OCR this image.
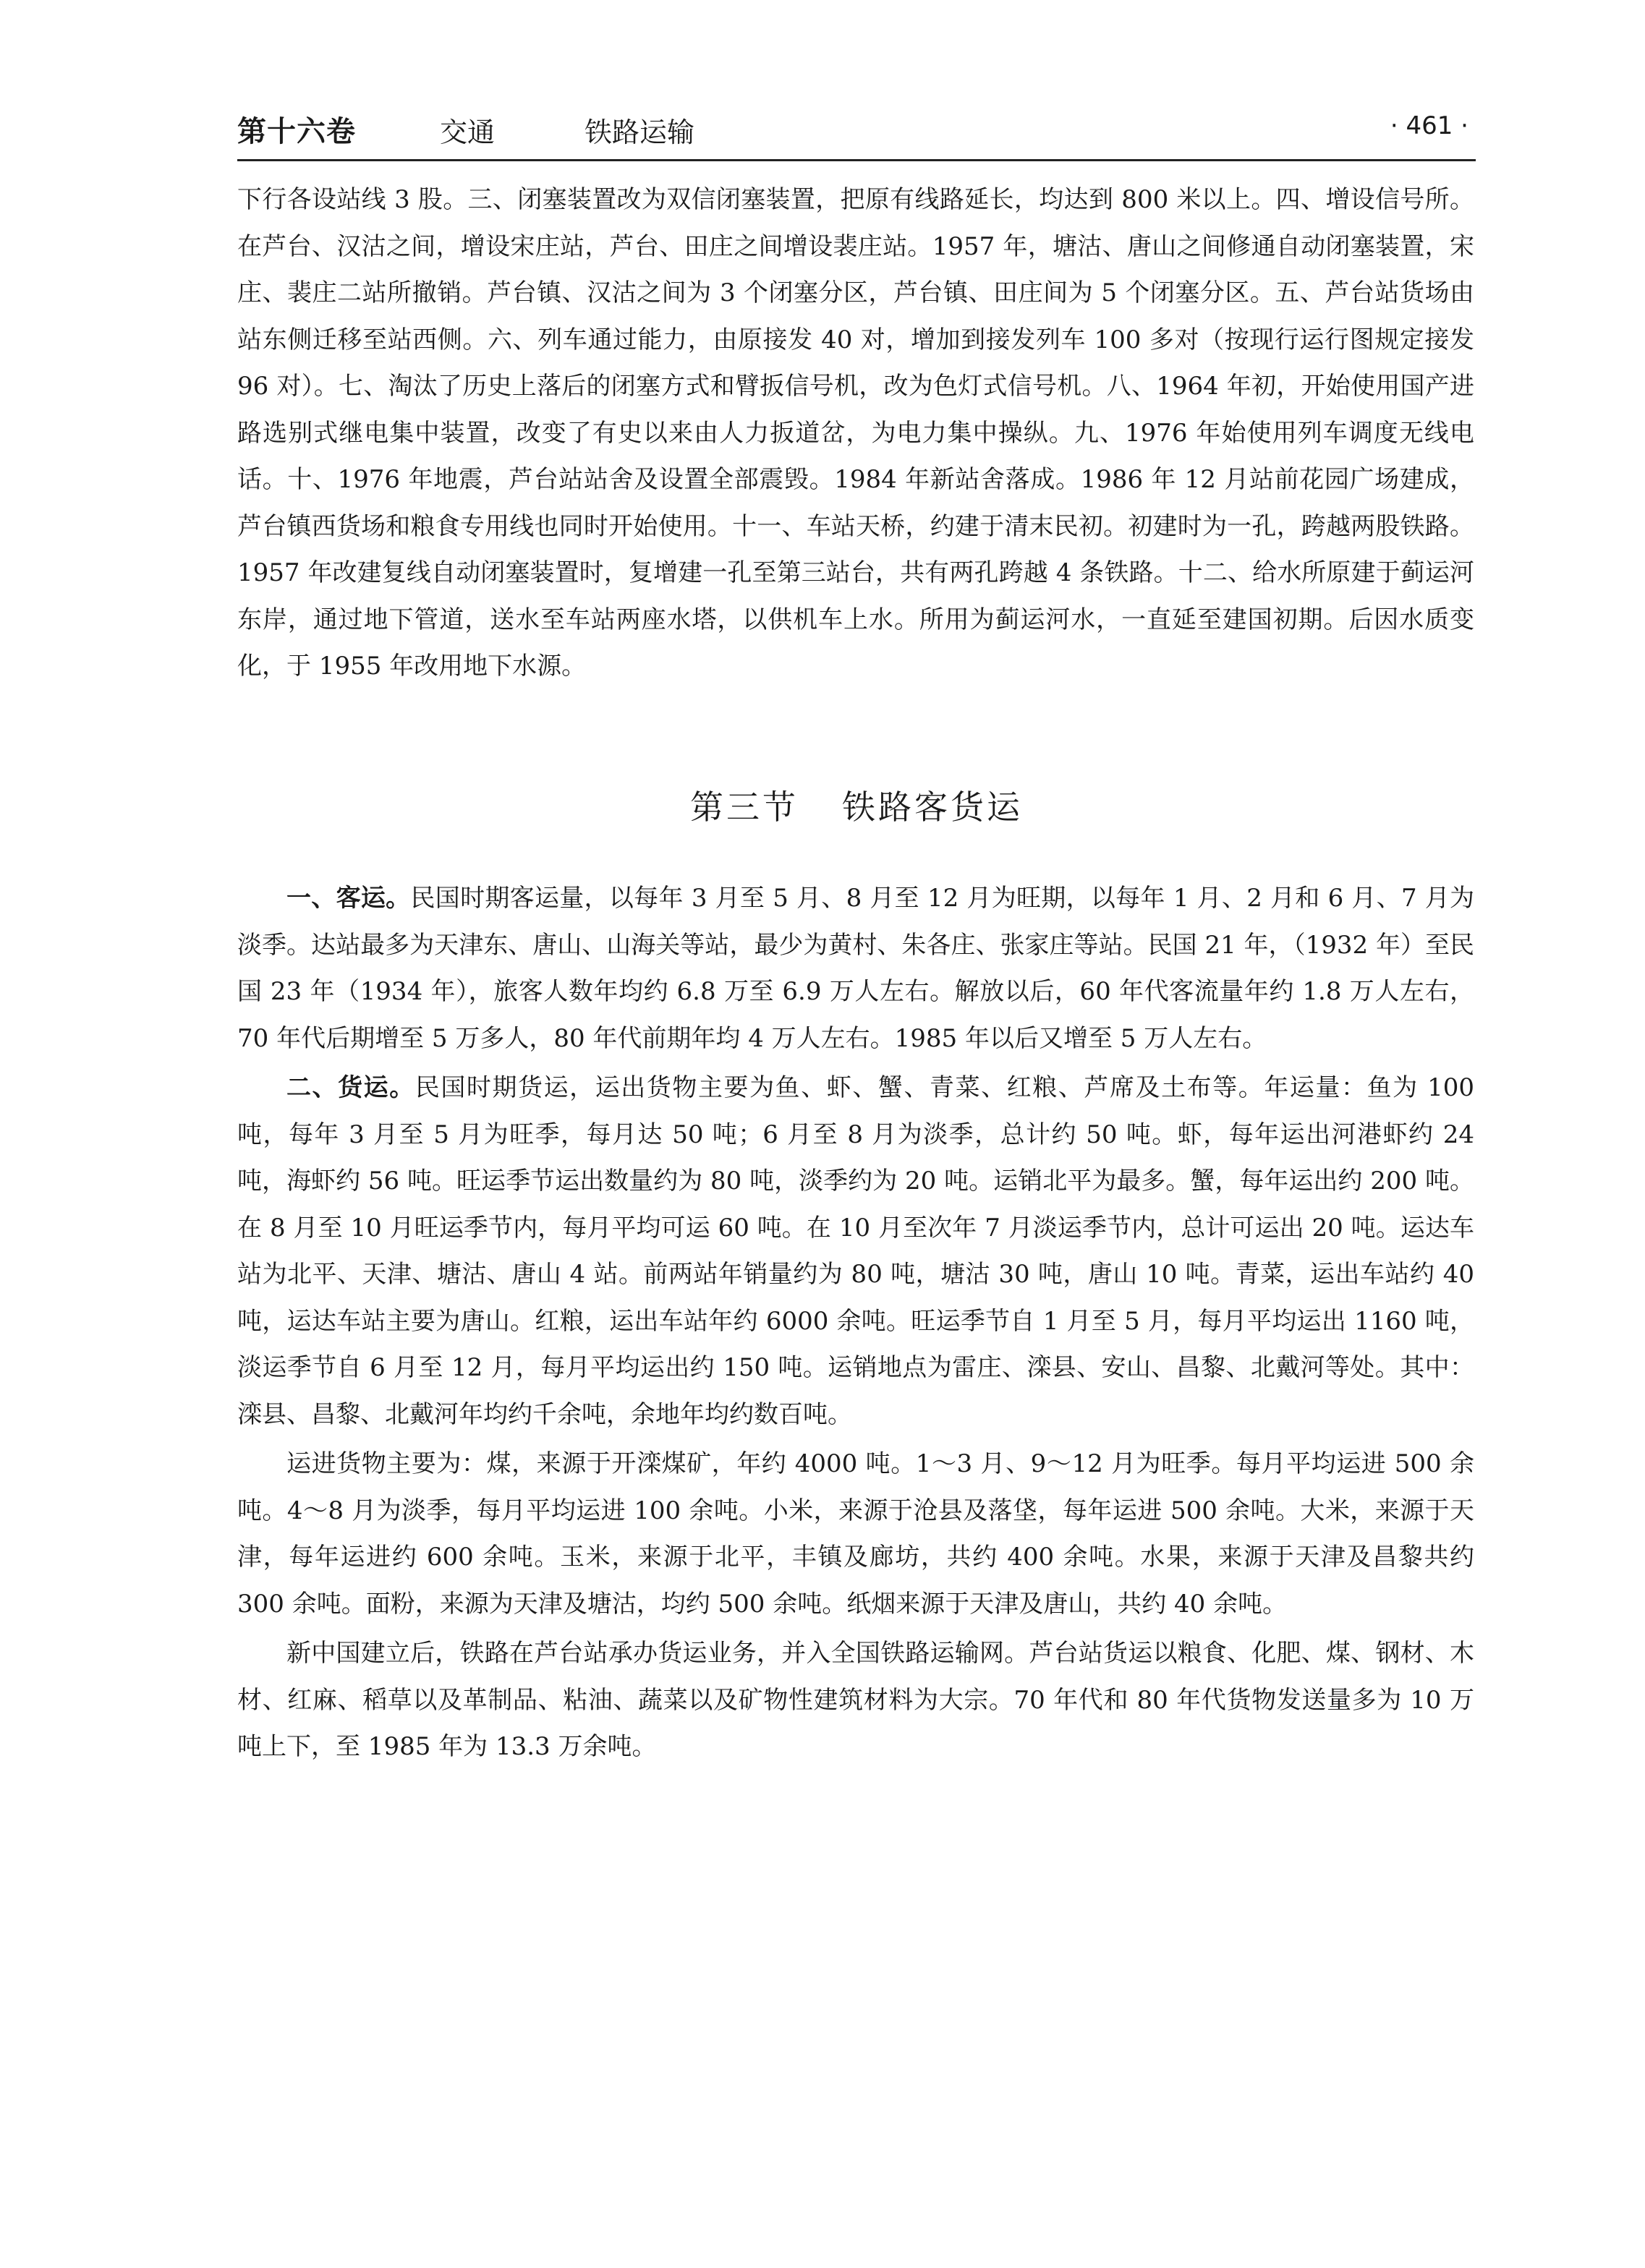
第十六卷	交通	铁路运输	· 461 ·

下行各设站线 3 股。三、闭塞装置改为双信闭塞装置，把原有线路延长，均达到 800 米以上。四、增设信号所。在芦台、汉沽之间，增设宋庄站，芦台、田庄之间增设裴庄站。1957 年，塘沽、唐山之间修通自动闭塞装置，宋庄、裴庄二站所撤销。芦台镇、汉沽之间为 3 个闭塞分区，芦台镇、田庄间为 5 个闭塞分区。五、芦台站货场由站东侧迁移至站西侧。六、列车通过能力，由原接发 40 对，增加到接发列车 100 多对（按现行运行图规定接发 96 对）。七、淘汰了历史上落后的闭塞方式和臂扳信号机，改为色灯式信号机。八、1964 年初，开始使用国产进路选别式继电集中装置，改变了有史以来由人力扳道岔，为电力集中操纵。九、1976 年始使用列车调度无线电话。十、1976 年地震，芦台站站舍及设置全部震毁。1984 年新站舍落成。1986 年 12 月站前花园广场建成，芦台镇西货场和粮食专用线也同时开始使用。十一、车站天桥，约建于清末民初。初建时为一孔，跨越两股铁路。1957 年改建复线自动闭塞装置时，复增建一孔至第三站台，共有两孔跨越 4 条铁路。十二、给水所原建于蓟运河东岸，通过地下管道，送水至车站两座水塔，以供机车上水。所用为蓟运河水，一直延至建国初期。后因水质变化，于 1955 年改用地下水源。

第三节 铁路客货运

一、客运。民国时期客运量，以每年 3 月至 5 月、8 月至 12 月为旺期，以每年 1 月、2 月和 6 月、7 月为淡季。达站最多为天津东、唐山、山海关等站，最少为黄村、朱各庄、张家庄等站。民国 21 年，（1932 年）至民国 23 年（1934 年），旅客人数年均约 6.8 万至 6.9 万人左右。解放以后，60 年代客流量年约 1.8 万人左右，70 年代后期增至 5 万多人，80 年代前期年均 4 万人左右。1985 年以后又增至 5 万人左右。

二、货运。民国时期货运，运出货物主要为鱼、虾、蟹、青菜、红粮、芦席及土布等。年运量：鱼为 100 吨，每年 3 月至 5 月为旺季，每月达 50 吨；6 月至 8 月为淡季，总计约 50 吨。虾，每年运出河港虾约 24 吨，海虾约 56 吨。旺运季节运出数量约为 80 吨，淡季约为 20 吨。运销北平为最多。蟹，每年运出约 200 吨。在 8 月至 10 月旺运季节内，每月平均可运 60 吨。在 10 月至次年 7 月淡运季节内，总计可运出 20 吨。运达车站为北平、天津、塘沽、唐山 4 站。前两站年销量约为 80 吨，塘沽 30 吨，唐山 10 吨。青菜，运出车站约 40 吨，运达车站主要为唐山。红粮，运出车站年约 6000 余吨。旺运季节自 1 月至 5 月，每月平均运出 1160 吨，淡运季节自 6 月至 12 月，每月平均运出约 150 吨。运销地点为雷庄、滦县、安山、昌黎、北戴河等处。其中：滦县、昌黎、北戴河年均约千余吨，余地年均约数百吨。

运进货物主要为：煤，来源于开滦煤矿，年约 4000 吨。1～3 月、9～12 月为旺季。每月平均运进 500 余吨。4～8 月为淡季，每月平均运进 100 余吨。小米，来源于沧县及落垡，每年运进 500 余吨。大米，来源于天津，每年运进约 600 余吨。玉米，来源于北平，丰镇及廊坊，共约 400 余吨。水果，来源于天津及昌黎共约 300 余吨。面粉，来源为天津及塘沽，均约 500 余吨。纸烟来源于天津及唐山，共约 40 余吨。

新中国建立后，铁路在芦台站承办货运业务，并入全国铁路运输网。芦台站货运以粮食、化肥、煤、钢材、木材、红麻、稻草以及革制品、粘油、蔬菜以及矿物性建筑材料为大宗。70 年代和 80 年代货物发送量多为 10 万吨上下，至 1985 年为 13.3 万余吨。
